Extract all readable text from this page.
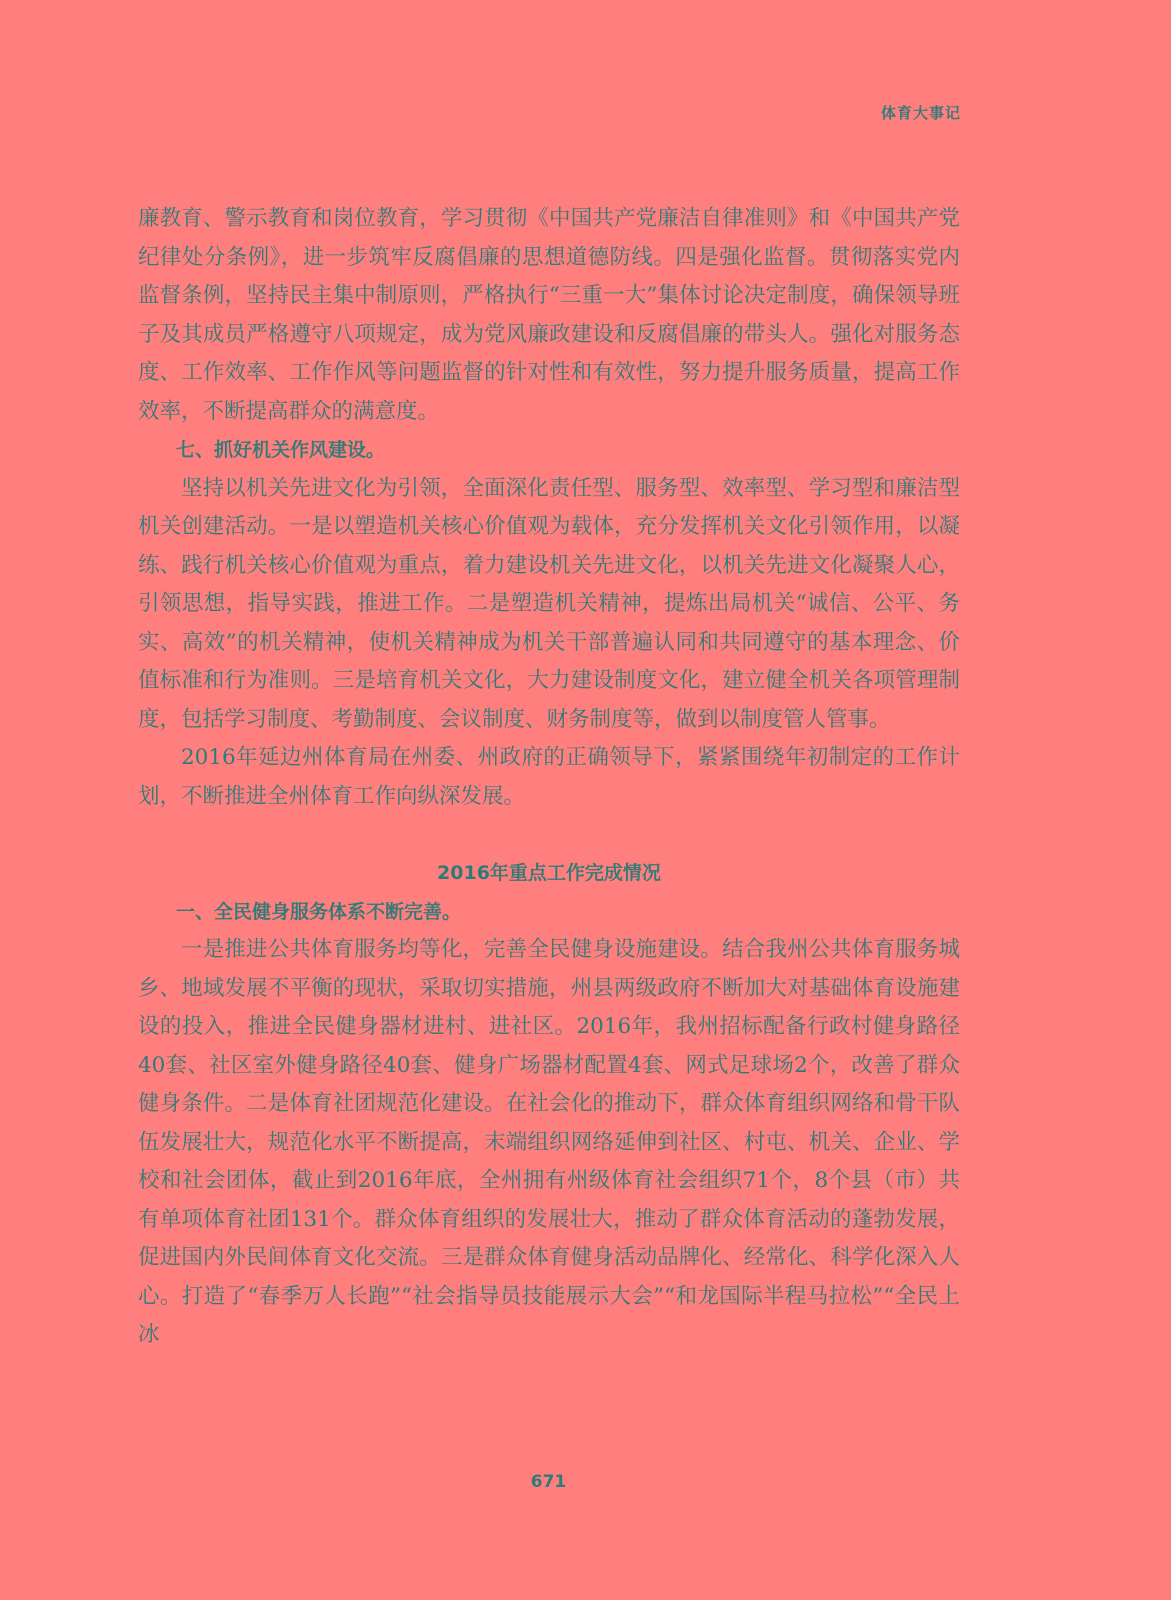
体育大事记

廉教育、警示教育和岗位教育，学习贯彻《中国共产党廉洁自律准则》和《中国共产党纪律处分条例》，进一步筑牢反腐倡廉的思想道德防线。四是强化监督。贯彻落实党内监督条例，坚持民主集中制原则，严格执行“三重一大”集体讨论决定制度，确保领导班子及其成员严格遵守八项规定，成为党风廉政建设和反腐倡廉的带头人。强化对服务态度、工作效率、工作作风等问题监督的针对性和有效性，努力提升服务质量，提高工作效率，不断提高群众的满意度。

七、抓好机关作风建设。

坚持以机关先进文化为引领，全面深化责任型、服务型、效率型、学习型和廉洁型机关创建活动。一是以塑造机关核心价值观为载体，充分发挥机关文化引领作用，以凝练、践行机关核心价值观为重点，着力建设机关先进文化，以机关先进文化凝聚人心，引领思想，指导实践，推进工作。二是塑造机关精神，提炼出局机关“诚信、公平、务实、高效”的机关精神，使机关精神成为机关干部普遍认同和共同遵守的基本理念、价值标准和行为准则。三是培育机关文化，大力建设制度文化，建立健全机关各项管理制度，包括学习制度、考勤制度、会议制度、财务制度等，做到以制度管人管事。

2016年延边州体育局在州委、州政府的正确领导下，紧紧围绕年初制定的工作计划，不断推进全州体育工作向纵深发展。

2016年重点工作完成情况

一、全民健身服务体系不断完善。

一是推进公共体育服务均等化，完善全民健身设施建设。结合我州公共体育服务城乡、地域发展不平衡的现状，采取切实措施，州县两级政府不断加大对基础体育设施建设的投入，推进全民健身器材进村、进社区。2016年，我州招标配备行政村健身路径40套、社区室外健身路径40套、健身广场器材配置4套、网式足球场2个，改善了群众健身条件。二是体育社团规范化建设。在社会化的推动下，群众体育组织网络和骨干队伍发展壮大，规范化水平不断提高，末端组织网络延伸到社区、村屯、机关、企业、学校和社会团体，截止到2016年底，全州拥有州级体育社会组织71个，8个县（市）共有单项体育社团131个。群众体育组织的发展壮大，推动了群众体育活动的蓬勃发展，促进国内外民间体育文化交流。三是群众体育健身活动品牌化、经常化、科学化深入人心。打造了“春季万人长跑”“社会指导员技能展示大会”“和龙国际半程马拉松”“全民上冰

671
